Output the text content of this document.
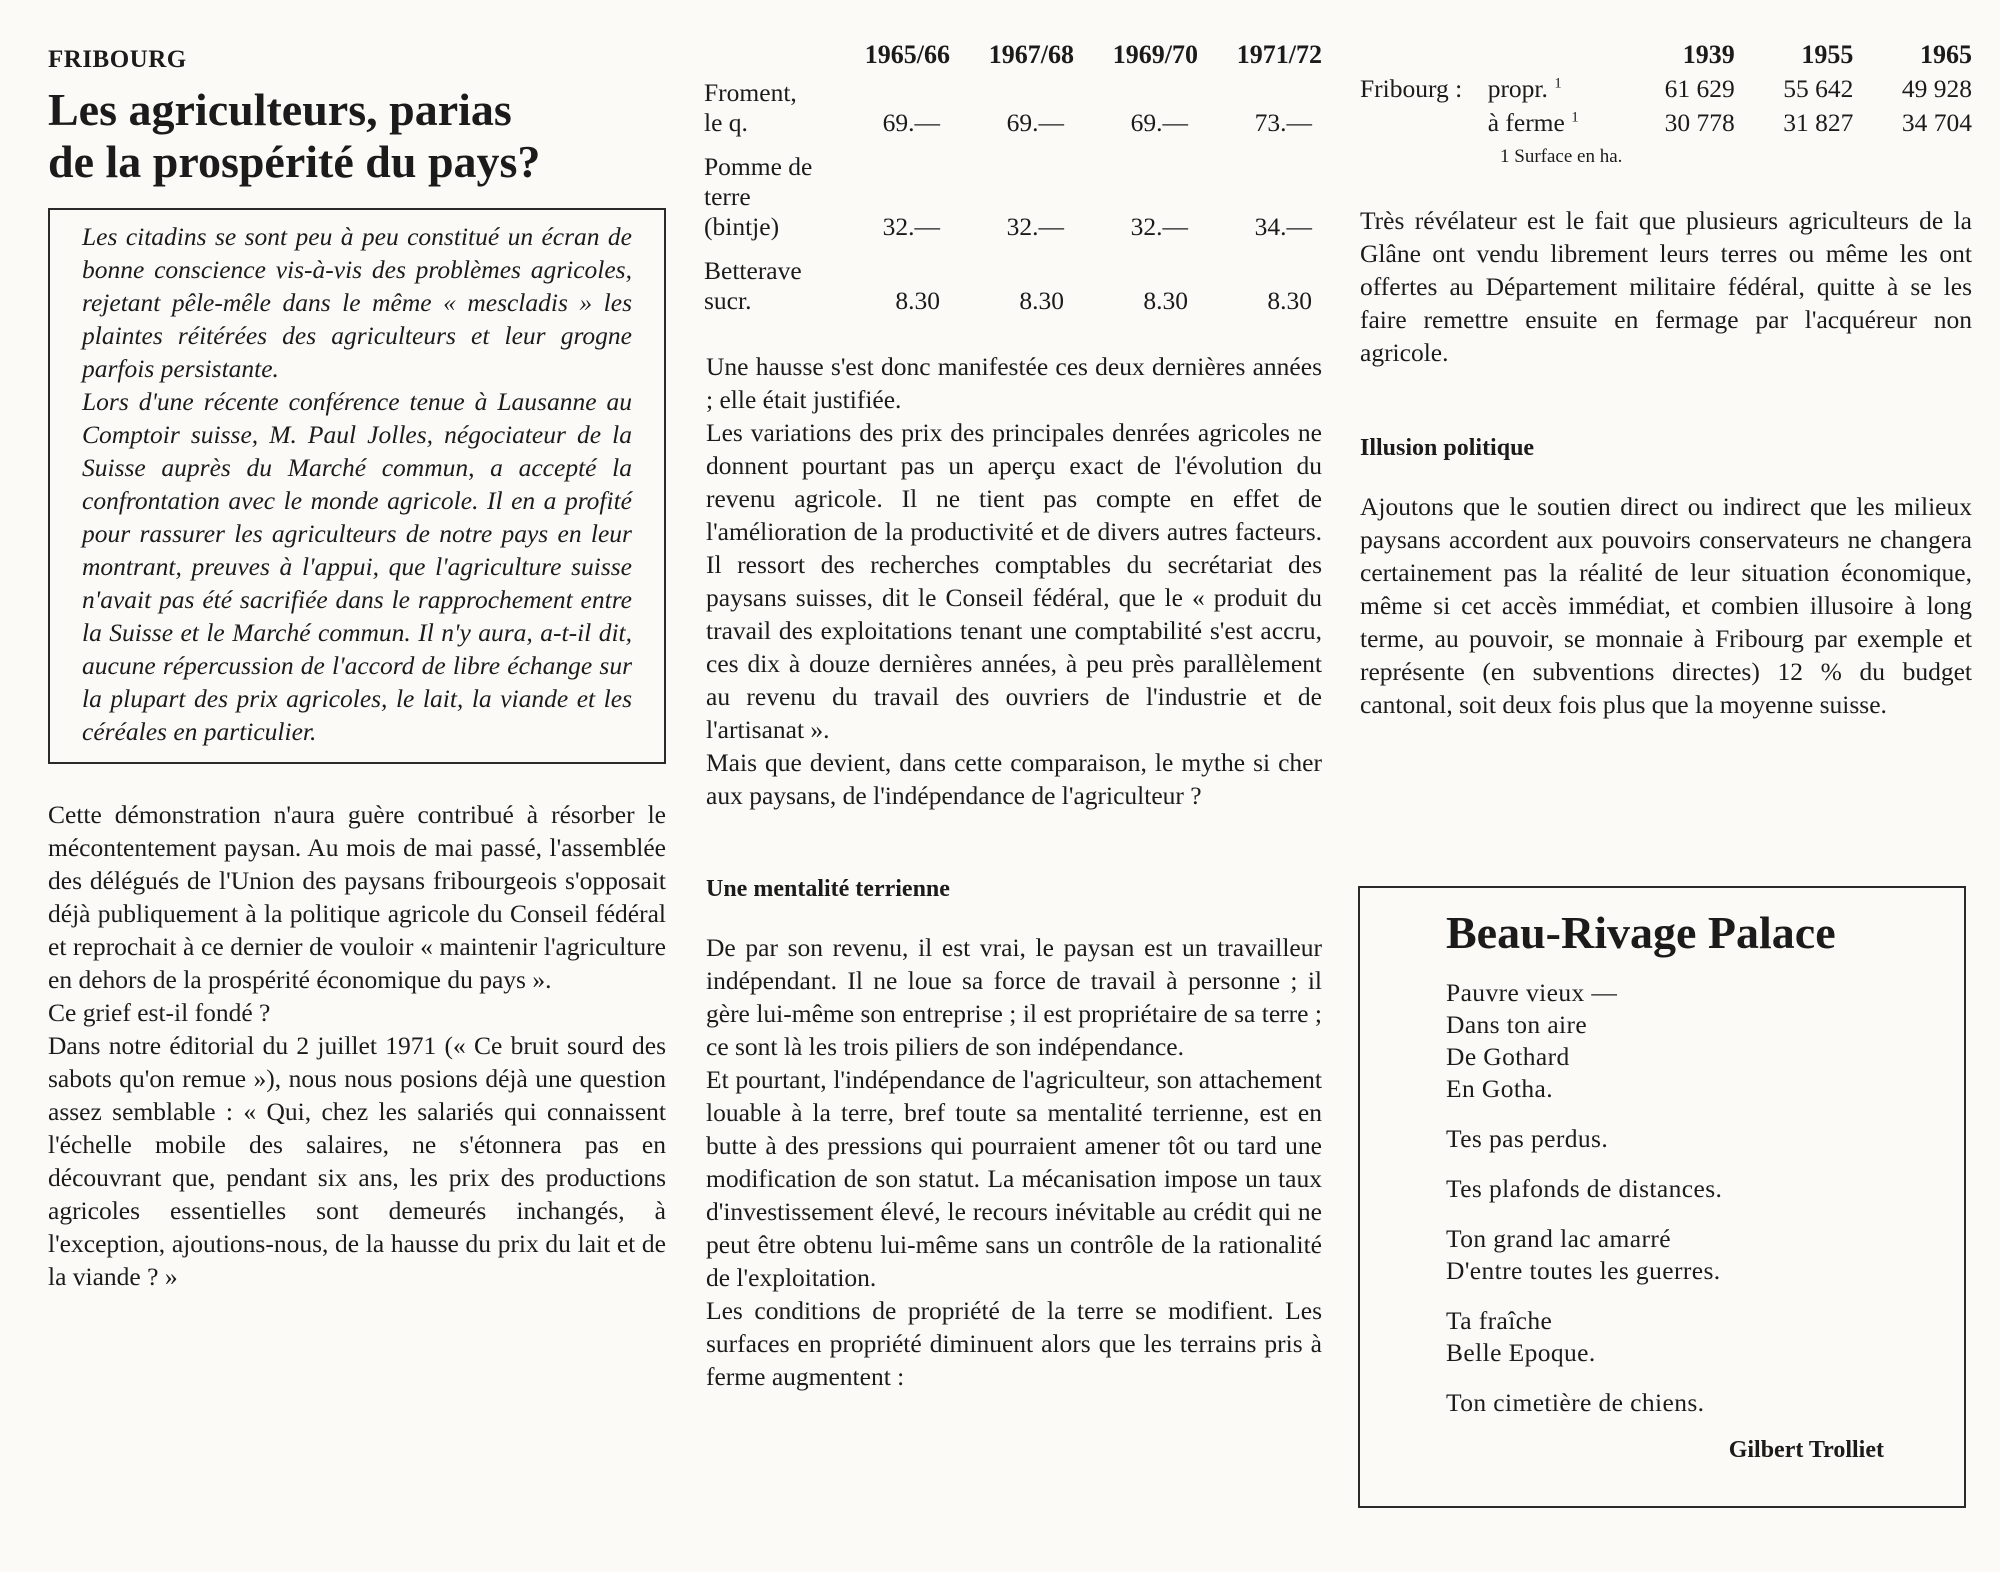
FRIBOURG
Les agriculteurs, parias
de la prospérité du pays?

Les citadins se sont peu à peu constitué un écran de bonne conscience vis-à-vis des problèmes agricoles, rejetant pêle-mêle dans le même « mescladis » les plaintes réitérées des agriculteurs et leur grogne parfois persistante.

Lors d'une récente conférence tenue à Lausanne au Comptoir suisse, M. Paul Jolles, négociateur de la Suisse auprès du Marché commun, a accepté la confrontation avec le monde agricole. Il en a profité pour rassurer les agriculteurs de notre pays en leur montrant, preuves à l'appui, que l'agriculture suisse n'avait pas été sacrifiée dans le rapprochement entre la Suisse et le Marché commun. Il n'y aura, a-t-il dit, aucune répercussion de l'accord de libre échange sur la plupart des prix agricoles, le lait, la viande et les céréales en particulier.

Cette démonstration n'aura guère contribué à résorber le mécontentement paysan. Au mois de mai passé, l'assemblée des délégués de l'Union des paysans fribourgeois s'opposait déjà publiquement à la politique agricole du Conseil fédéral et reprochait à ce dernier de vouloir « maintenir l'agriculture en dehors de la prospérité économique du pays ».

Ce grief est-il fondé ?

Dans notre éditorial du 2 juillet 1971 (« Ce bruit sourd des sabots qu'on remue »), nous nous posions déjà une question assez semblable : « Qui, chez les salariés qui connaissent l'échelle mobile des salaires, ne s'étonnera pas en découvrant que, pendant six ans, les prix des productions agricoles essentielles sont demeurés inchangés, à l'exception, ajoutions-nous, de la hausse du prix du lait et de la viande ? »

	1965/66	1967/68	1969/70	1971/72
Froment, le q.	69.—	69.—	69.—	73.—
Pomme de terre
(bintje)	32.—	32.—	32.—	34.—
Betterave sucr.	8.30	8.30	8.30	8.30

Une hausse s'est donc manifestée ces deux dernières années ; elle était justifiée.

Les variations des prix des principales denrées agricoles ne donnent pourtant pas un aperçu exact de l'évolution du revenu agricole. Il ne tient pas compte en effet de l'amélioration de la productivité et de divers autres facteurs. Il ressort des recherches comptables du secrétariat des paysans suisses, dit le Conseil fédéral, que le « produit du travail des exploitations tenant une comptabilité s'est accru, ces dix à douze dernières années, à peu près parallèlement au revenu du travail des ouvriers de l'industrie et de l'artisanat ».

Mais que devient, dans cette comparaison, le mythe si cher aux paysans, de l'indépendance de l'agriculteur ?

Une mentalité terrienne

De par son revenu, il est vrai, le paysan est un travailleur indépendant. Il ne loue sa force de travail à personne ; il gère lui-même son entreprise ; il est propriétaire de sa terre ; ce sont là les trois piliers de son indépendance.

Et pourtant, l'indépendance de l'agriculteur, son attachement louable à la terre, bref toute sa mentalité terrienne, est en butte à des pressions qui pourraient amener tôt ou tard une modification de son statut. La mécanisation impose un taux d'investissement élevé, le recours inévitable au crédit qui ne peut être obtenu lui-même sans un contrôle de la rationalité de l'exploitation.

Les conditions de propriété de la terre se modifient. Les surfaces en propriété diminuent alors que les terrains pris à ferme augmentent :

		1939	1955	1965
Fribourg :	propr. $^1$	61 629	55 642	49 928
	à ferme $^1$	30 778	31 827	34 704
1 Surface en ha.

Très révélateur est le fait que plusieurs agriculteurs de la Glâne ont vendu librement leurs terres ou même les ont offertes au Département militaire fédéral, quitte à se les faire remettre ensuite en fermage par l'acquéreur non agricole.

Illusion politique

Ajoutons que le soutien direct ou indirect que les milieux paysans accordent aux pouvoirs conservateurs ne changera certainement pas la réalité de leur situation économique, même si cet accès immédiat, et combien illusoire à long terme, au pouvoir, se monnaie à Fribourg par exemple et représente (en subventions directes) 12 % du budget cantonal, soit deux fois plus que la moyenne suisse.

Beau-Rivage Palace
Pauvre vieux —
Dans ton aire
De Gothard
En Gotha.
Tes pas perdus.
Tes plafonds de distances.
Ton grand lac amarré
D'entre toutes les guerres.
Ta fraîche
Belle Epoque.
Ton cimetière de chiens.
Gilbert Trolliet
